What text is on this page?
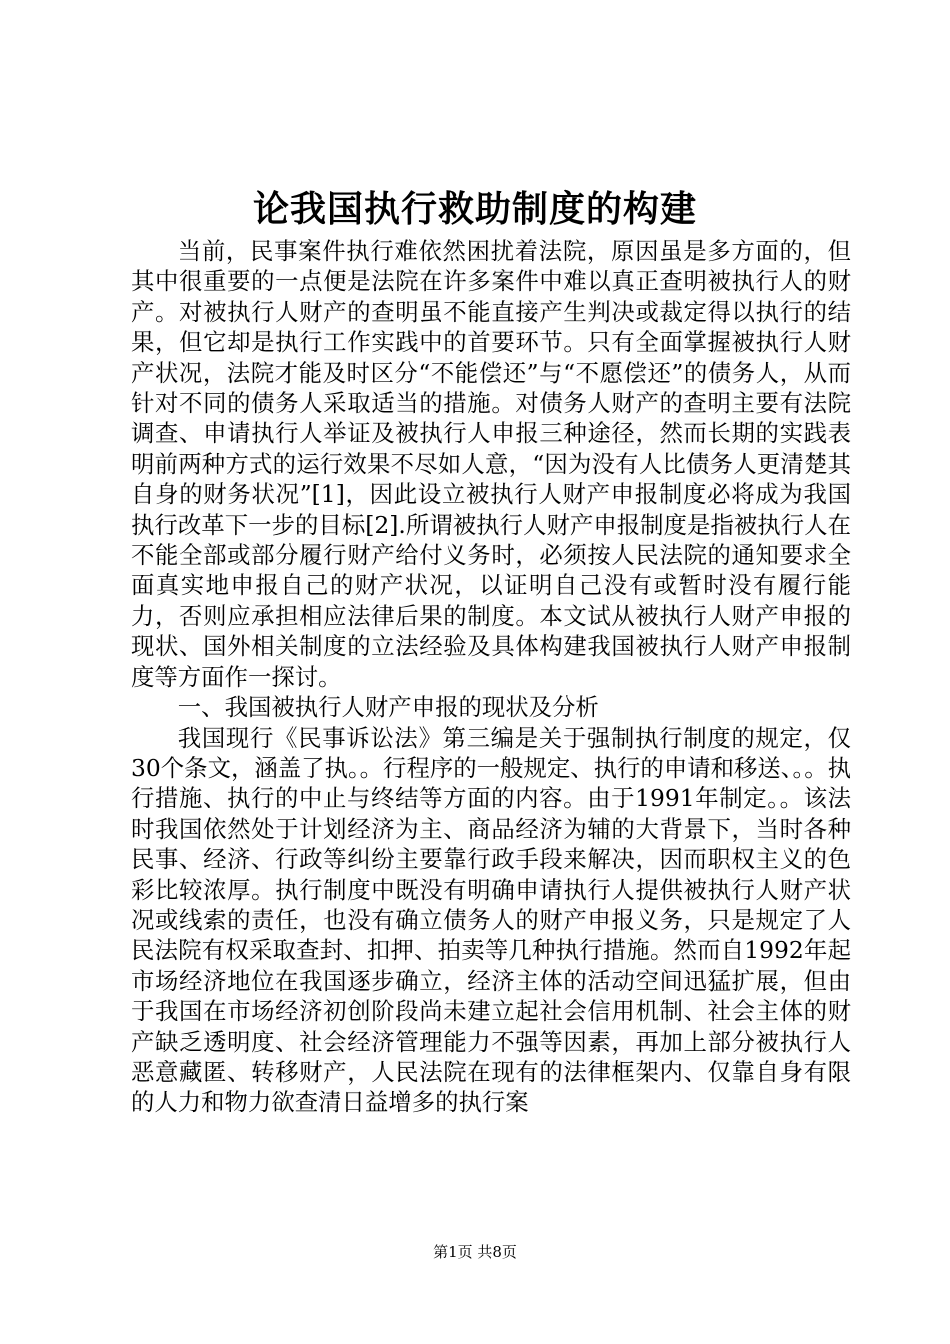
论我国执行救助制度的构建

当前，民事案件执行难依然困扰着法院，原因虽是多方面的，但其中很重要的一点便是法院在许多案件中难以真正查明被执行人的财产。对被执行人财产的查明虽不能直接产生判决或裁定得以执行的结果，但它却是执行工作实践中的首要环节。只有全面掌握被执行人财产状况，法院才能及时区分“不能偿还”与“不愿偿还”的债务人，从而针对不同的债务人采取适当的措施。对债务人财产的查明主要有法院调查、申请执行人举证及被执行人申报三种途径，然而长期的实践表明前两种方式的运行效果不尽如人意，“因为没有人比债务人更清楚其自身的财务状况”[1]，因此设立被执行人财产申报制度必将成为我国执行改革下一步的目标[2].所谓被执行人财产申报制度是指被执行人在不能全部或部分履行财产给付义务时，必须按人民法院的通知要求全面真实地申报自己的财产状况，以证明自己没有或暂时没有履行能力，否则应承担相应法律后果的制度。本文试从被执行人财产申报的现状、国外相关制度的立法经验及具体构建我国被执行人财产申报制度等方面作一探讨。

一、我国被执行人财产申报的现状及分析

我国现行《民事诉讼法》第三编是关于强制执行制度的规定，仅30个条文，涵盖了执。。行程序的一般规定、执行的申请和移送、。。执行措施、执行的中止与终结等方面的内容。由于1991年制定。。该法时我国依然处于计划经济为主、商品经济为辅的大背景下，当时各种民事、经济、行政等纠纷主要靠行政手段来解决，因而职权主义的色彩比较浓厚。执行制度中既没有明确申请执行人提供被执行人财产状况或线索的责任，也没有确立债务人的财产申报义务，只是规定了人民法院有权采取查封、扣押、拍卖等几种执行措施。然而自1992年起市场经济地位在我国逐步确立，经济主体的活动空间迅猛扩展，但由于我国在市场经济初创阶段尚未建立起社会信用机制、社会主体的财产缺乏透明度、社会经济管理能力不强等因素，再加上部分被执行人恶意藏匿、转移财产，人民法院在现有的法律框架内、仅靠自身有限的人力和物力欲查清日益增多的执行案

第1页 共8页
